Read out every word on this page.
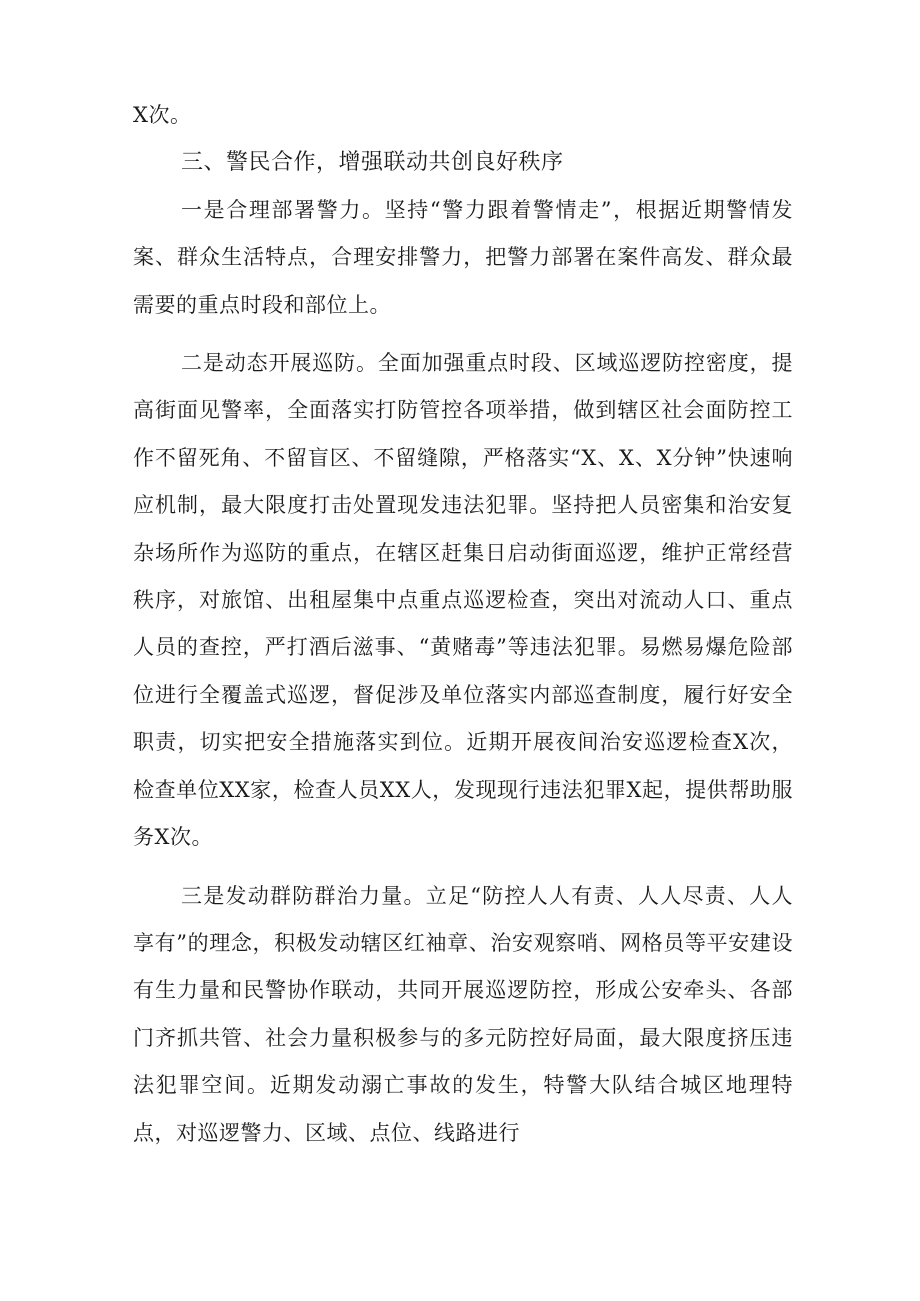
X次。

三、警民合作，增强联动共创良好秩序

一是合理部署警力。坚持“警力跟着警情走”，根据近期警情发案、群众生活特点，合理安排警力，把警力部署在案件高发、群众最需要的重点时段和部位上。

二是动态开展巡防。全面加强重点时段、区域巡逻防控密度，提高街面见警率，全面落实打防管控各项举措，做到辖区社会面防控工作不留死角、不留盲区、不留缝隙，严格落实“X、X、X分钟”快速响应机制，最大限度打击处置现发违法犯罪。坚持把人员密集和治安复杂场所作为巡防的重点，在辖区赶集日启动街面巡逻，维护正常经营秩序，对旅馆、出租屋集中点重点巡逻检查，突出对流动人口、重点人员的查控，严打酒后滋事、“黄赌毒”等违法犯罪。易燃易爆危险部位进行全覆盖式巡逻，督促涉及单位落实内部巡查制度，履行好安全职责，切实把安全措施落实到位。近期开展夜间治安巡逻检查X次，检查单位XX家，检查人员XX人，发现现行违法犯罪X起，提供帮助服务X次。

三是发动群防群治力量。立足“防控人人有责、人人尽责、人人享有”的理念，积极发动辖区红袖章、治安观察哨、网格员等平安建设有生力量和民警协作联动，共同开展巡逻防控，形成公安牵头、各部门齐抓共管、社会力量积极参与的多元防控好局面，最大限度挤压违法犯罪空间。近期发动溺亡事故的发生，特警大队结合城区地理特点，对巡逻警力、区域、点位、线路进行
